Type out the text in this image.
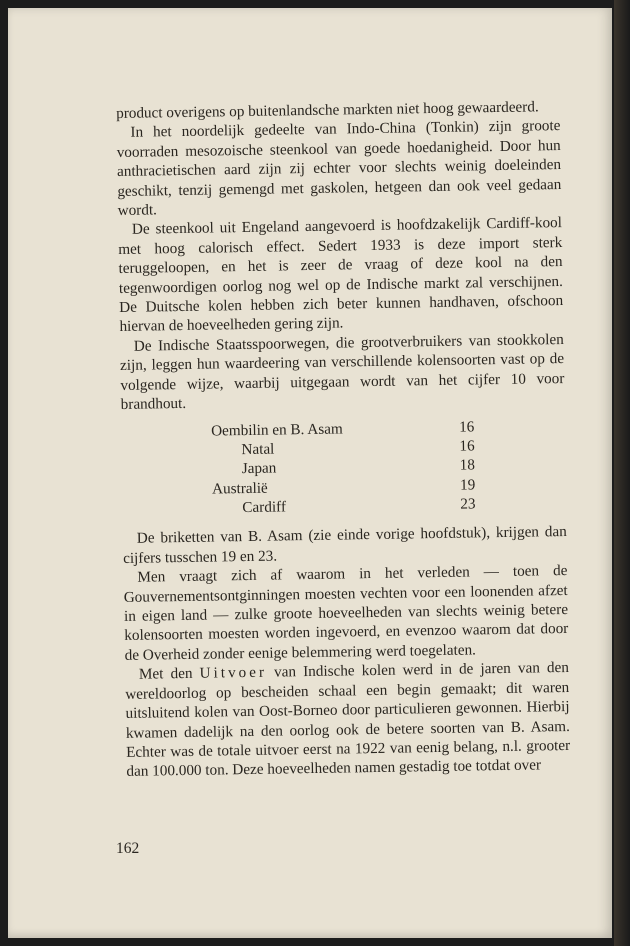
product overigens op buitenlandsche markten niet hoog gewaardeerd.

In het noordelijk gedeelte van Indo-China (Tonkin) zijn groote voorraden mesozoische steenkool van goede hoedanigheid. Door hun anthracietischen aard zijn zij echter voor slechts weinig doeleinden geschikt, tenzij gemengd met gaskolen, hetgeen dan ook veel gedaan wordt.

De steenkool uit Engeland aangevoerd is hoofdzakelijk Cardiff-kool met hoog calorisch effect. Sedert 1933 is deze import sterk teruggeloopen, en het is zeer de vraag of deze kool na den tegenwoordigen oorlog nog wel op de Indische markt zal verschijnen. De Duitsche kolen hebben zich beter kunnen handhaven, ofschoon hiervan de hoeveelheden gering zijn.

De Indische Staatsspoorwegen, die grootverbruikers van stookkolen zijn, leggen hun waardeering van verschillende kolensoorten vast op de volgende wijze, waarbij uitgegaan wordt van het cijfer 10 voor brandhout.

Oembilin en B. Asam	16
Natal	16
Japan	18
Australië	19
Cardiff	23

De briketten van B. Asam (zie einde vorige hoofdstuk), krijgen dan cijfers tusschen 19 en 23.

Men vraagt zich af waarom in het verleden — toen de Gouvernementsontginningen moesten vechten voor een loonenden afzet in eigen land — zulke groote hoeveelheden van slechts weinig betere kolensoorten moesten worden ingevoerd, en evenzoo waarom dat door de Overheid zonder eenige belemmering werd toegelaten.

Met den Uitvoer van Indische kolen werd in de jaren van den wereldoorlog op bescheiden schaal een begin gemaakt; dit waren uitsluitend kolen van Oost-Borneo door particulieren gewonnen. Hierbij kwamen dadelijk na den oorlog ook de betere soorten van B. Asam. Echter was de totale uitvoer eerst na 1922 van eenig belang, n.l. grooter dan 100.000 ton. Deze hoeveelheden namen gestadig toe totdat over

162
